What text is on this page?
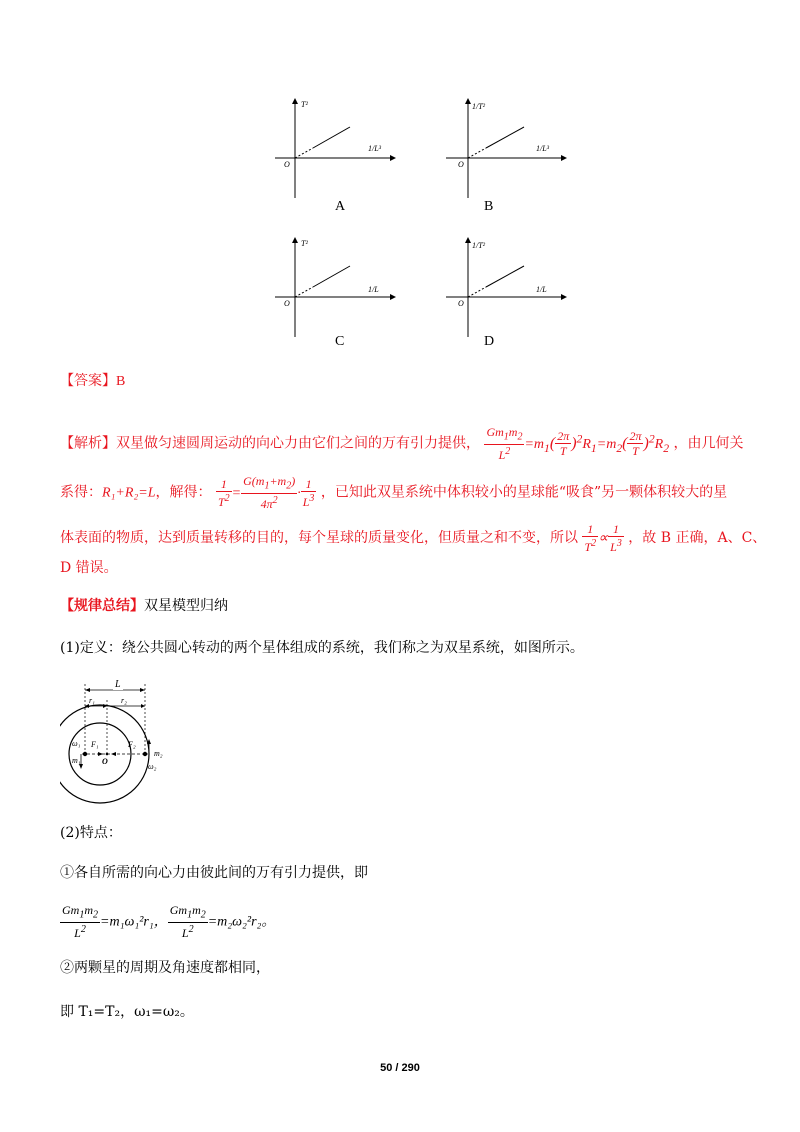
T²
1/L³
O
A
1/T²
1/L³
O
B
T²
1/L
O
C
1/T²
1/L
O
D
【答案】B
【解析】双星做匀速圆周运动的向心力由它们之间的万有引力提供， $\frac{Gm_1m_2}{L^2} =m_1( \frac{2\pi}{T} )^2R_1=m_2( \frac{2\pi}{T} )^2R_2$ ，由几何关
系得：R₁+R₂=L，解得： $\frac{1}{T^2} = \frac{G(m_1+m_2)}{4\pi^2} \cdot \frac{1}{L^3}$ ，已知此双星系统中体积较小的星球能“吸食”另一颗体积较大的星
体表面的物质，达到质量转移的目的，每个星球的质量变化，但质量之和不变，所以 $\frac{1}{T^2} \propto \frac{1}{L^3}$ ，故 B 正确，A、C、
D 错误。
【规律总结】双星模型归纳
(1)定义：绕公共圆心转动的两个星体组成的系统，我们称之为双星系统，如图所示。
L
r₁	r₂
F₁	F₂
O
m₁
m₂
ω₁
ω₂
(2)特点：
①各自所需的向心力由彼此间的万有引力提供，即
$\frac{Gm_1m_2}{L^2} =m_1\omega_1^2r_1$， $\frac{Gm_1m_2}{L^2} =m_2\omega_2^2r_2$。
②两颗星的周期及角速度都相同，
即 T₁=T₂，ω₁=ω₂。
50 / 290
